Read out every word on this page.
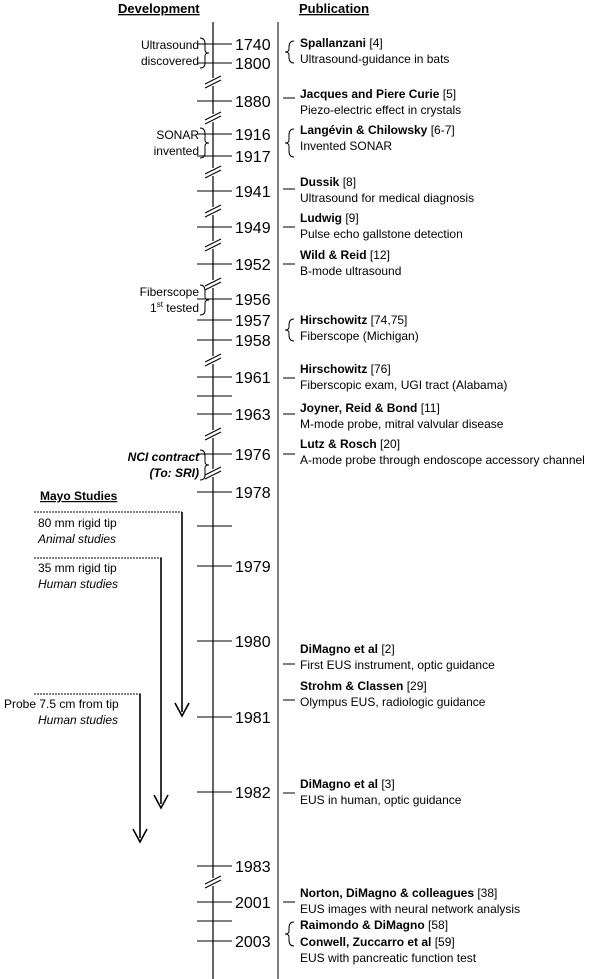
Development	Publication
1740
1800
1880
1916
1917
1941
1949
1952
1956
1957
1958
1961
1963
1976
1978
1979
1980
1981
1982
1983
2001
2003
Spallanzani [4]
Ultrasound-guidance in bats
Jacques and Piere Curie [5]
Piezo-electric effect in crystals
Langévin & Chilowsky [6-7]
Invented SONAR
Dussik [8]
Ultrasound for medical diagnosis
Ludwig [9]
Pulse echo gallstone detection
Wild & Reid [12]
B-mode ultrasound
Hirschowitz [74,75]
Fiberscope (Michigan)
Hirschowitz [76]
Fiberscopic exam, UGI tract (Alabama)
Joyner, Reid & Bond [11]
M-mode probe, mitral valvular disease
Lutz & Rosch [20]
A-mode probe through endoscope accessory channel
DiMagno et al [2]
First EUS instrument, optic guidance
Strohm & Classen [29]
Olympus EUS, radiologic guidance
DiMagno et al [3]
EUS in human, optic guidance
Norton, DiMagno & colleagues [38]
EUS images with neural network analysis
Raimondo & DiMagno [58]
Conwell, Zuccarro et al [59]
EUS with pancreatic function test
Ultrasound
discovered
SONAR
invented
Fiberscope
1st tested
NCI contract
(To: SRI)
Mayo Studies
80 mm rigid tip
Animal studies
35 mm rigid tip
Human studies
Probe 7.5 cm from tip
Human studies
